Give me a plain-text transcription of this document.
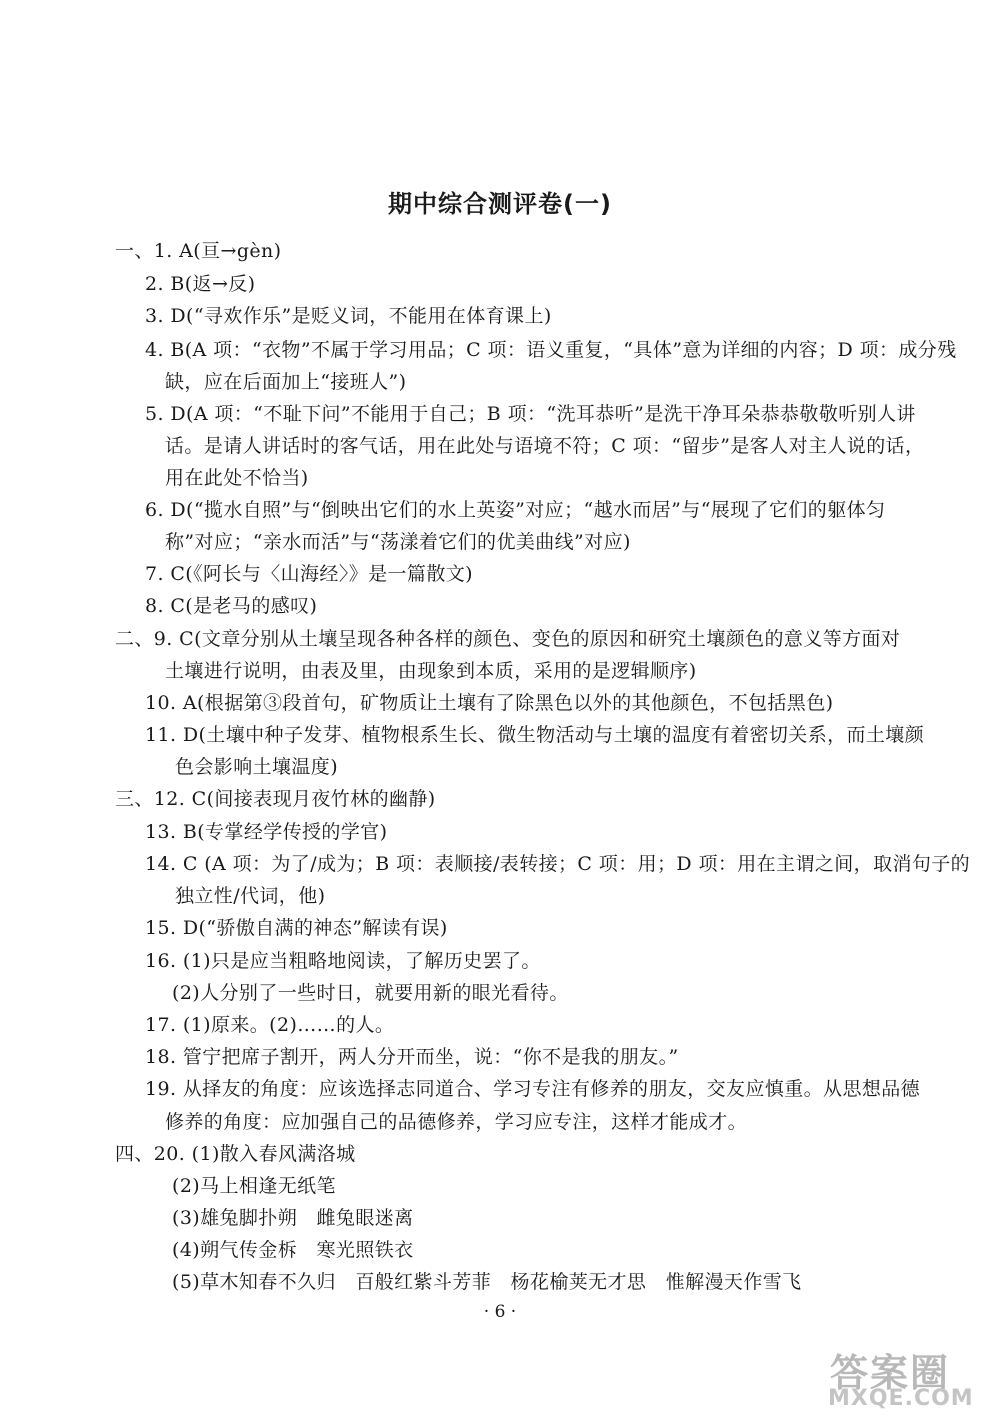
期中综合测评卷(一)
一、1. A(亘→gèn)
2. B(返→反)
3. D(“寻欢作乐”是贬义词，不能用在体育课上)
4. B(A 项：“衣物”不属于学习用品；C 项：语义重复，“具体”意为详细的内容；D 项：成分残
缺，应在后面加上“接班人”)
5. D(A 项：“不耻下问”不能用于自己；B 项：“洗耳恭听”是洗干净耳朵恭恭敬敬听别人讲
话。是请人讲话时的客气话，用在此处与语境不符；C 项：“留步”是客人对主人说的话，
用在此处不恰当)
6. D(“揽水自照”与“倒映出它们的水上英姿”对应；“越水而居”与“展现了它们的躯体匀
称”对应；“亲水而活”与“荡漾着它们的优美曲线”对应)
7. C(《阿长与〈山海经〉》是一篇散文)
8. C(是老马的感叹)
二、9. C(文章分别从土壤呈现各种各样的颜色、变色的原因和研究土壤颜色的意义等方面对
土壤进行说明，由表及里，由现象到本质，采用的是逻辑顺序)
10. A(根据第③段首句，矿物质让土壤有了除黑色以外的其他颜色，不包括黑色)
11. D(土壤中种子发芽、植物根系生长、微生物活动与土壤的温度有着密切关系，而土壤颜
色会影响土壤温度)
三、12. C(间接表现月夜竹林的幽静)
13. B(专掌经学传授的学官)
14. C (A 项：为了/成为；B 项：表顺接/表转接；C 项：用；D 项：用在主谓之间，取消句子的
独立性/代词，他)
15. D(“骄傲自满的神态”解读有误)
16. (1)只是应当粗略地阅读，了解历史罢了。
(2)人分别了一些时日，就要用新的眼光看待。
17. (1)原来。(2)……的人。
18. 管宁把席子割开，两人分开而坐，说：“你不是我的朋友。”
19. 从择友的角度：应该选择志同道合、学习专注有修养的朋友，交友应慎重。从思想品德
修养的角度：应加强自己的品德修养，学习应专注，这样才能成才。
四、20. (1)散入春风满洛城
(2)马上相逢无纸笔
(3)雄兔脚扑朔　雌兔眼迷离
(4)朔气传金柝　寒光照铁衣
(5)草木知春不久归　百般红紫斗芳菲　杨花榆荚无才思　惟解漫天作雪飞
· 6 ·
答案圈
MXQE.COM
